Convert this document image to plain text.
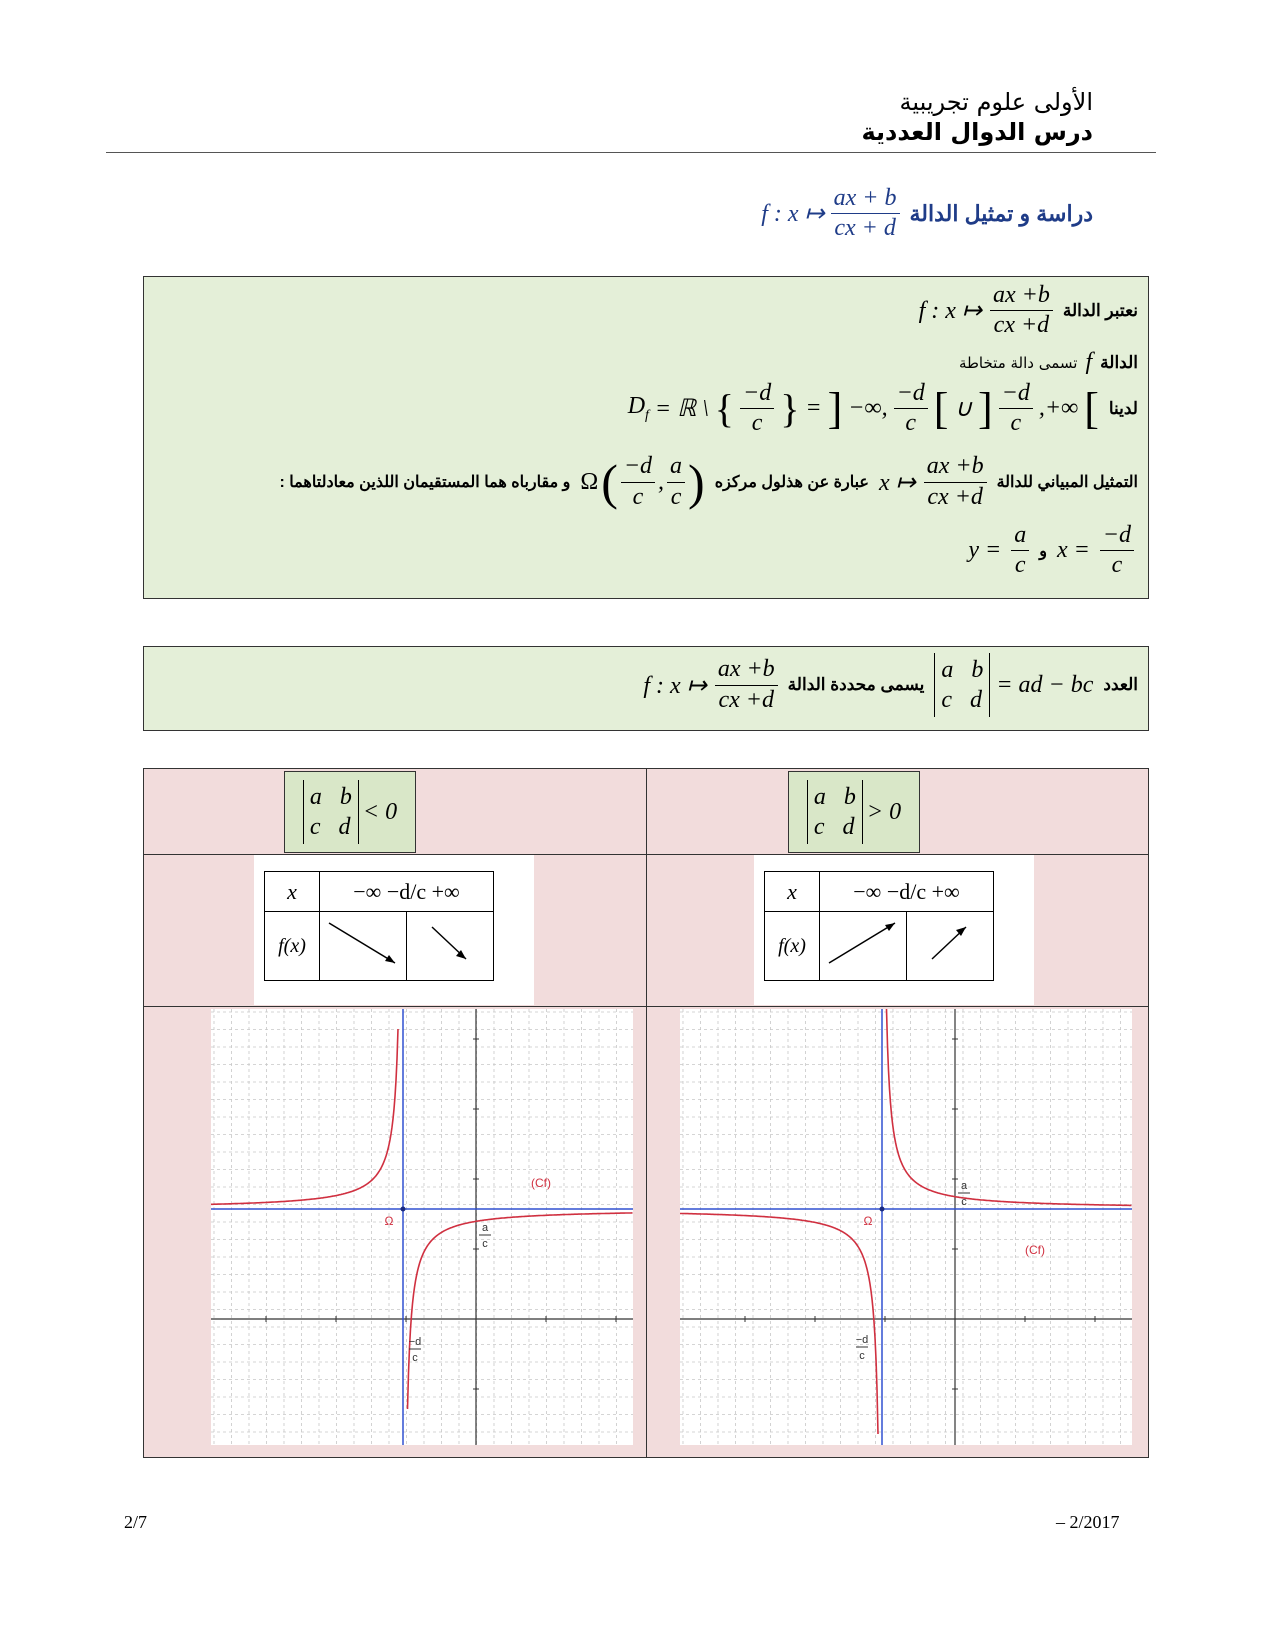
الأولى علوم تجريبية
درس الدوال العددية
دراسة و تمثيل الدالة
f : x ↦ $\frac{ax + b}{cx + d}$
نعتبر الدالة
f : x ↦ $\frac{ax +b}{cx +d}$
الدالة
f
تسمى دالة متخاطة
لدينا
$D_f$ = ℝ \ { $\frac{-d}{c}$ } = ] −∞, $\frac{-d}{c}$ [ ∪ ] $\frac{-d}{c}$ ,+∞ [
التمثيل المبياني للدالة
x ↦ $\frac{ax +b}{cx +d}$
عبارة عن هذلول مركزه
Ω ( $\frac{-d}{c}$ , $\frac{a}{c}$ )
و مقارباه هما المستقيمان اللذين معادلتاهما :
$y = \frac{a}{c}$ و $x = \frac{-d}{c}$
العدد
a b
c d
= ad − bc
يسمى محددة الدالة
f : x ↦ $\frac{ax +b}{cx +d}$
a b
c d
< 0
a b
c d
> 0
x	−∞ −d/c +∞	
f(x)		
x	−∞ −d/c +∞	
f(x)		
(Cf)
Ω	a
c
−d
c
(Cf)
Ω
a
c
−d
c
2/7	– 2/2017
